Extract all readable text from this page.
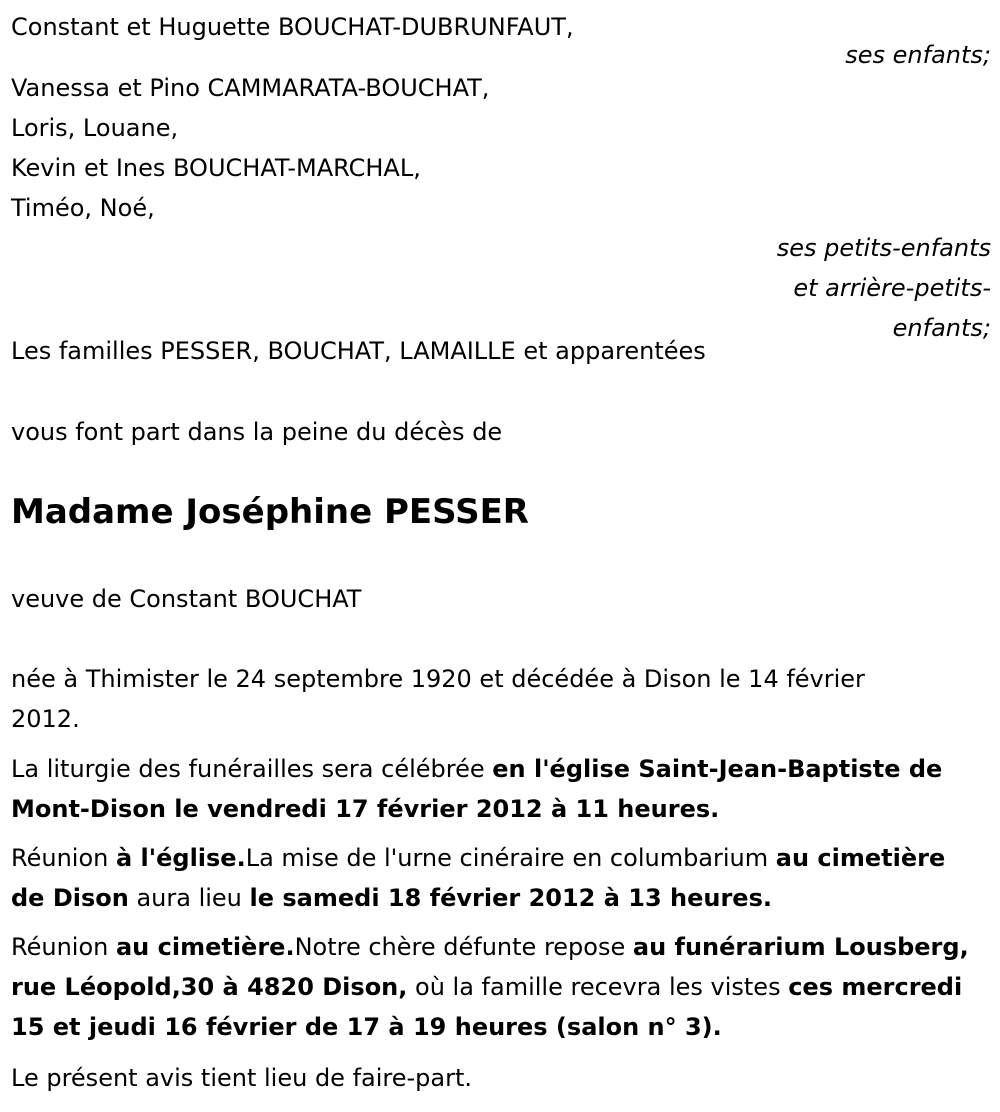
Constant et Huguette BOUCHAT-DUBRUNFAUT,
ses enfants;
Vanessa et Pino CAMMARATA-BOUCHAT,
Loris, Louane,
Kevin et Ines BOUCHAT-MARCHAL,
Timéo, Noé,
ses petits-enfants
et arrière-petits-
enfants;
Les familles PESSER, BOUCHAT, LAMAILLE et apparentées
vous font part dans la peine du décès de
Madame Joséphine PESSER
veuve de Constant BOUCHAT
née à Thimister le 24 septembre 1920 et décédée à Dison le 14 février
2012.
La liturgie des funérailles sera célébrée en l'église Saint-Jean-Baptiste de Mont-Dison le vendredi 17 février 2012 à 11 heures.
Réunion à l'église.La mise de l'urne cinéraire en columbarium au cimetière de Dison aura lieu le samedi 18 février 2012 à 13 heures.
Réunion au cimetière.Notre chère défunte repose au funérarium Lousberg, rue Léopold,30 à 4820 Dison, où la famille recevra les vistes ces mercredi 15 et jeudi 16 février de 17 à 19 heures (salon n° 3).
Le présent avis tient lieu de faire-part.
